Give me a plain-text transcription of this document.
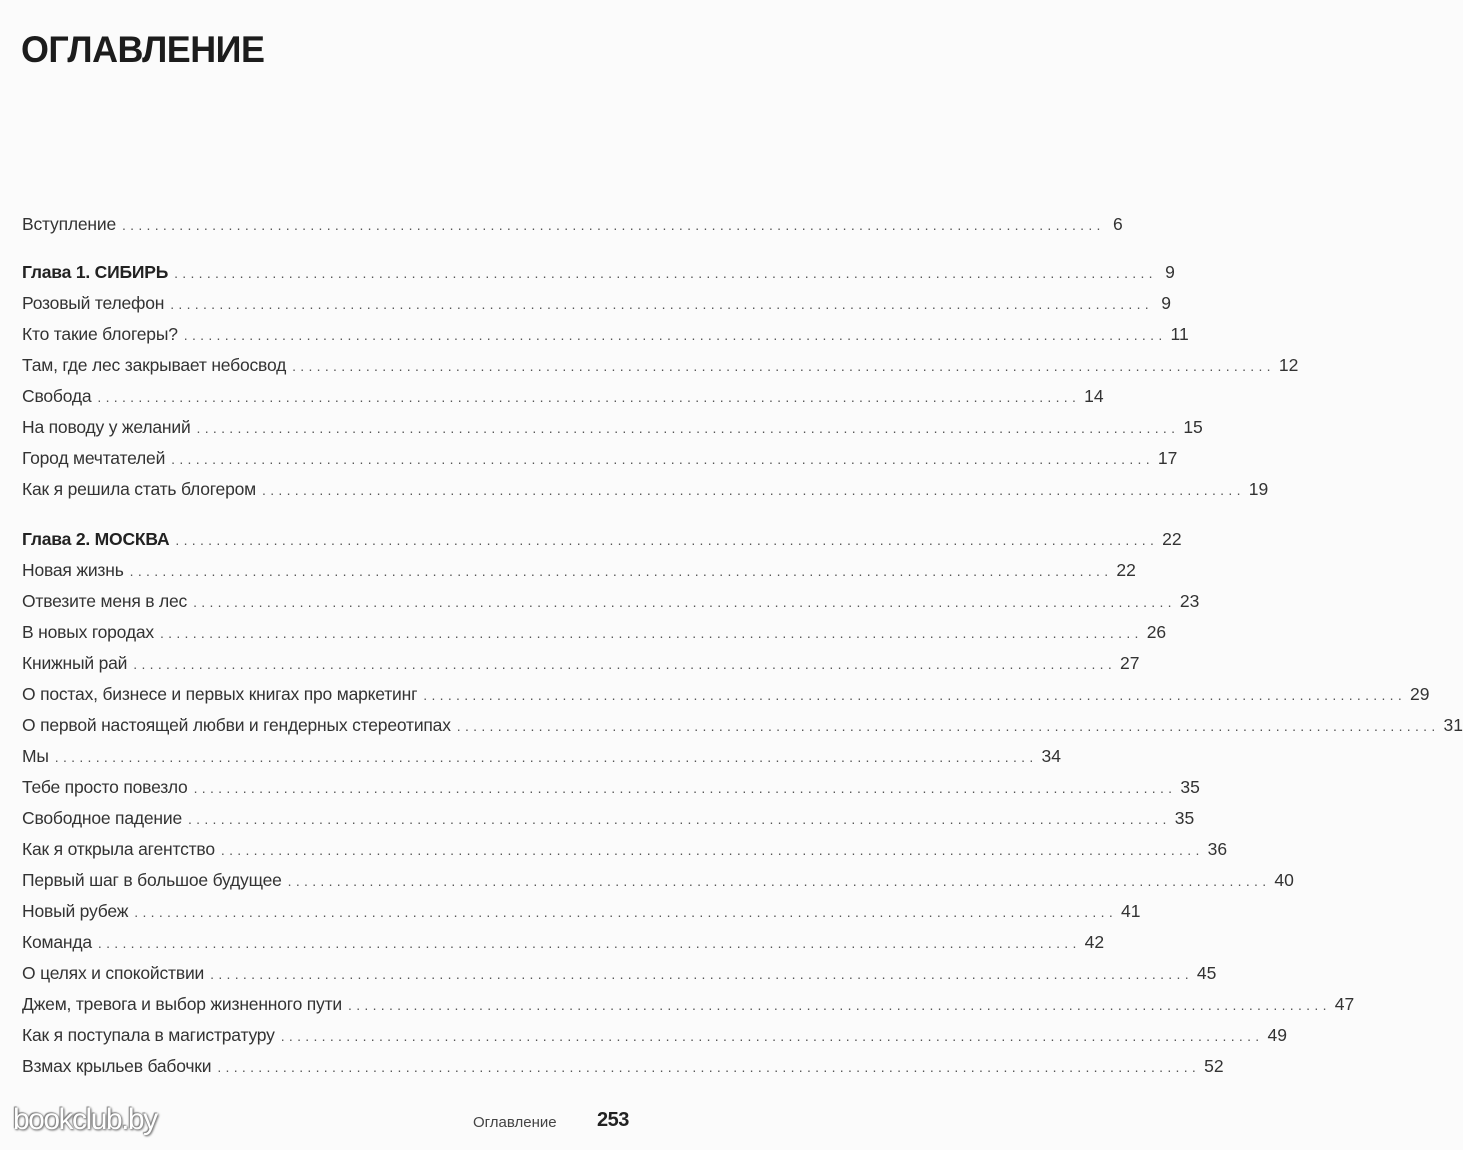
ОГЛАВЛЕНИЕ
Вступление ........................................................................................................................ 6
Глава 1. СИБИРЬ ........................................................................................................................ 9
Розовый телефон ........................................................................................................................ 9
Кто такие блогеры? ........................................................................................................................ 11
Там, где лес закрывает небосвод ........................................................................................................................ 12
Свобода ........................................................................................................................ 14
На поводу у желаний ........................................................................................................................ 15
Город мечтателей ........................................................................................................................ 17
Как я решила стать блогером ........................................................................................................................ 19
Глава 2. МОСКВА ........................................................................................................................ 22
Новая жизнь ........................................................................................................................ 22
Отвезите меня в лес ........................................................................................................................ 23
В новых городах ........................................................................................................................ 26
Книжный рай ........................................................................................................................ 27
О постах, бизнесе и первых книгах про маркетинг ........................................................................................................................ 29
О первой настоящей любви и гендерных стереотипах ........................................................................................................................ 31
Мы ........................................................................................................................ 34
Тебе просто повезло ........................................................................................................................ 35
Свободное падение ........................................................................................................................ 35
Как я открыла агентство ........................................................................................................................ 36
Первый шаг в большое будущее ........................................................................................................................ 40
Новый рубеж ........................................................................................................................ 41
Команда ........................................................................................................................ 42
О целях и спокойствии ........................................................................................................................ 45
Джем, тревога и выбор жизненного пути ........................................................................................................................ 47
Как я поступала в магистратуру ........................................................................................................................ 49
Взмах крыльев бабочки ........................................................................................................................ 52
bookclub.by	Оглавление 253
